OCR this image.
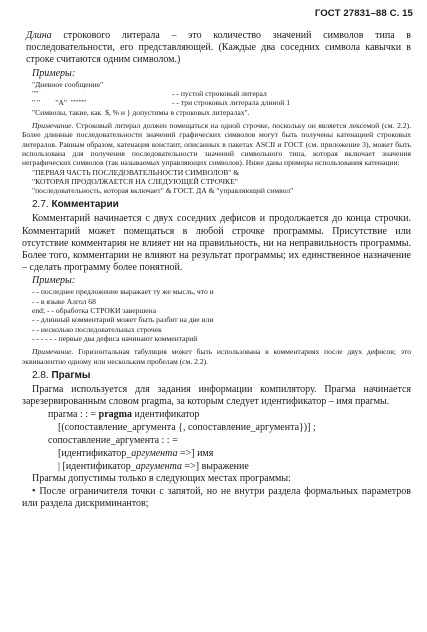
ГОСТ 27831–88 С. 15

Длина строкового литерала – это количество значений символов типа в последовательности, его представляющей. (Каждые два соседних символа кавычки в строке считаются одним символом.)

Примеры:
"Дневное сообщение"
""	- - пустой строковый литерал
" "        "А"  """""	- - три строковых литерала длиной 1
"Символы, такие, как  $, % и } допустимы в строковых литералах".

Примечание. Строковый литерал должен помещаться на одной строчке, поскольку он является лексемой (см. 2.2). Более длинные последовательности значений графических символов могут быть получены катенацией строковых литералов. Равным образом, катенация констант, описанных в пакетах ASCII и ГОСТ (см. приложение 3), может быть использована для получения последовательности значений символьного типа, которая включает значения неграфических символов (так называемых управляющих символов). Ниже даны примеры использования катенации:

"ПЕРВАЯ ЧАСТЬ ПОСЛЕДОВАТЕЛЬНОСТИ СИМВОЛОВ" &
"КОТОРАЯ ПРОДОЛЖАЕТСЯ НА СЛЕДУЮЩЕЙ СТРОЧКЕ"
"последовательность, которая включает" & ГОСТ. ДА & "управляющий символ"
2.7. Комментарии

Комментарий начинается с двух соседних дефисов и продолжается до конца строчки. Комментарий может помещаться в любой строчке программы. Присутствие или отсутствие комментария не влияет ни на правильность, ни на неправильность программы. Более того, комментарии не влияют на результат программы; их единственное назначение – сделать программу более понятной.

Примеры:
- - последнее предложение выражает ту же мысль, что и
- - в языке Алгол 68
end; - - обработка СТРОКИ завершена
- - длинный комментарий может быть разбит на две или
- - несколько последовательных строчек
- - - - - - первые два дефиса начинают комментарий

Примечание. Горизонтальная табуляция может быть использована в комментариях после двух дефисов; это эквивалентно одному или нескольким пробелам (см. 2.2).

2.8. Прагмы

Прагма используется для задания информации компилятору. Прагма начинается зарезервированным словом pragma, за которым следует идентификатор – имя прагмы.

прагма : : = pragma идентификатор
[(сопоставление_аргумента {, сопоставление_аргумента})] ;
сопоставление_аргумента : : =
[идентификатор_аргумента =>] имя
| [идентификатор_аргумента =>] выражение

Прагмы допустимы только в следующих местах программы:

• После ограничителя точки с запятой, но не внутри раздела формальных параметров или раздела дискриминантов;
